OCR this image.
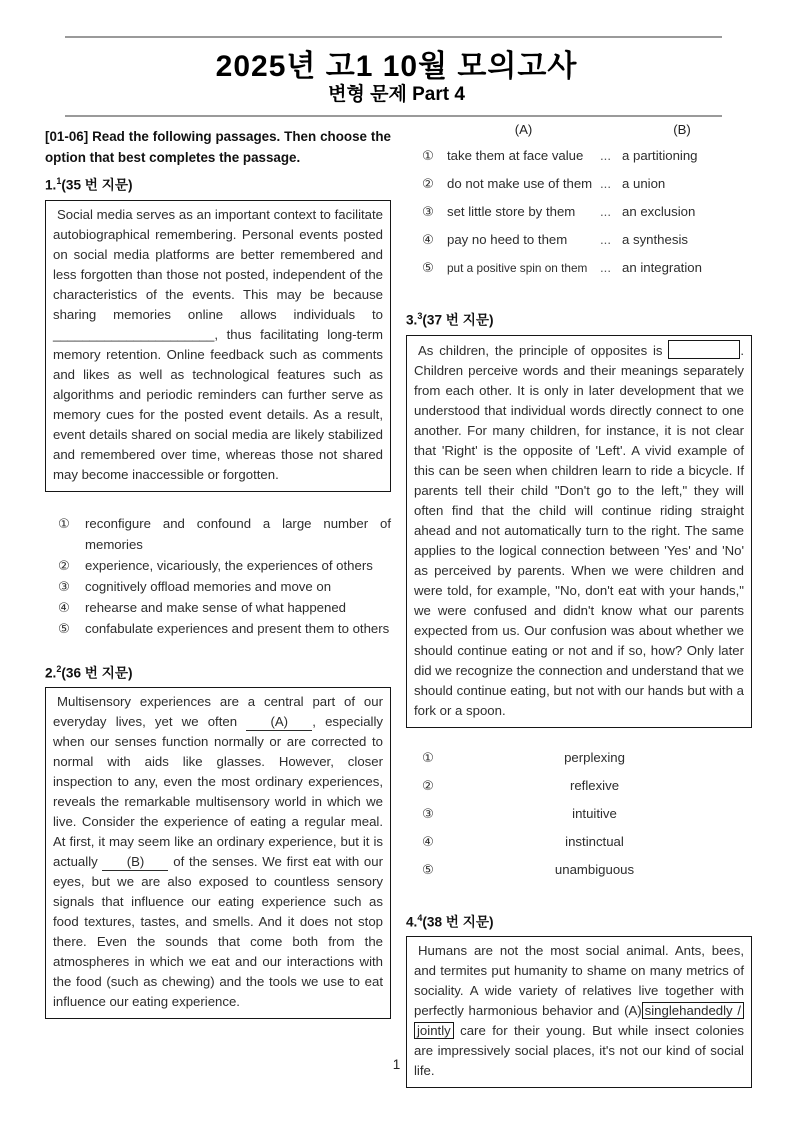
2025년 고1 10월 모의고사
변형 문제 Part 4

[01-06] Read the following passages. Then choose the option that best completes the passage.

1.$^1$(35 번 지문)
Social media serves as an important context to facilitate autobiographical remembering. Personal events posted on social media platforms are better remembered and less forgotten than those not posted, independent of the characteristics of the events. This may be because sharing memories online allows individuals to ______________________, thus facilitating long-term memory retention. Online feedback such as comments and likes as well as technological features such as algorithms and periodic reminders can further serve as memory cues for the posted event details. As a result, event details shared on social media are likely stabilized and remembered over time, whereas those not shared may become inaccessible or forgotten.
①	reconfigure and confound a large number of memories
②	experience, vicariously, the experiences of others
③	cognitively offload memories and move on
④	rehearse and make sense of what happened
⑤	confabulate experiences and present them to others
2.$^2$(36 번 지문)
Multisensory experiences are a central part of our everyday lives, yet we often (A) , especially when our senses function normally or are corrected to normal with aids like glasses. However, closer inspection to any, even the most ordinary experiences, reveals the remarkable multisensory world in which we live. Consider the experience of eating a regular meal. At first, it may seem like an ordinary experience, but it is actually (B) of the senses. We first eat with our eyes, but we are also exposed to countless sensory signals that influence our eating experience such as food textures, tastes, and smells. And it does not stop there. Even the sounds that come both from the atmospheres in which we eat and our interactions with the food (such as chewing) and the tools we use to eat influence our eating experience.
(A)	(B)
① take them at face value	... a partitioning
② do not make use of them ... a union
③ set little store by them	... an exclusion
④ pay no heed to them	... a synthesis
⑤	put a positive spin on them ... an integration
3.$^3$(37 번 지문)
As children, the principle of opposites is	. Children perceive words and their meanings separately from each other. It is only in later development that we understood that individual words directly connect to one another. For many children, for instance, it is not clear that 'Right' is the opposite of 'Left'. A vivid example of this can be seen when children learn to ride a bicycle. If parents tell their child "Don't go to the left," they will often find that the child will continue riding straight ahead and not automatically turn to the right. The same applies to the logical connection between 'Yes' and 'No' as perceived by parents. When we were children and were told, for example, "No, don't eat with your hands," we were confused and didn't know what our parents expected from us. Our confusion was about whether we should continue eating or not and if so, how? Only later did we recognize the connection and understand that we should continue eating, but not with our hands but with a fork or a spoon.
①	perplexing
②	reflexive
③	intuitive
④	instinctual
⑤	unambiguous
4.$^4$(38 번 지문)
Humans are not the most social animal. Ants, bees, and termites put humanity to shame on many metrics of sociality. A wide variety of relatives live together with perfectly harmonious behavior and (A) singlehandedly / jointly care for their young. But while insect colonies are impressively social places, it's not our kind of social life.
1
